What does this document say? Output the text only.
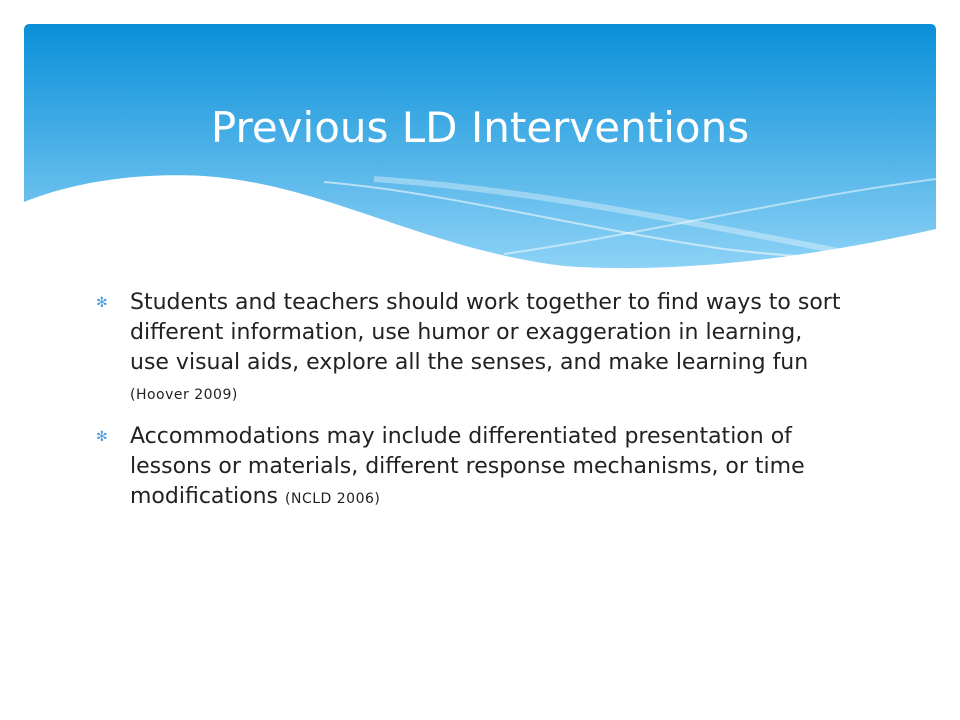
Previous LD Interventions
✻ Students and teachers should work together to find ways to sort different information, use humor or exaggeration in learning, use visual aids, explore all the senses, and make learning fun (Hoover 2009)
✻ Accommodations may include differentiated presentation of lessons or materials, different response mechanisms, or time modifications (NCLD 2006)
